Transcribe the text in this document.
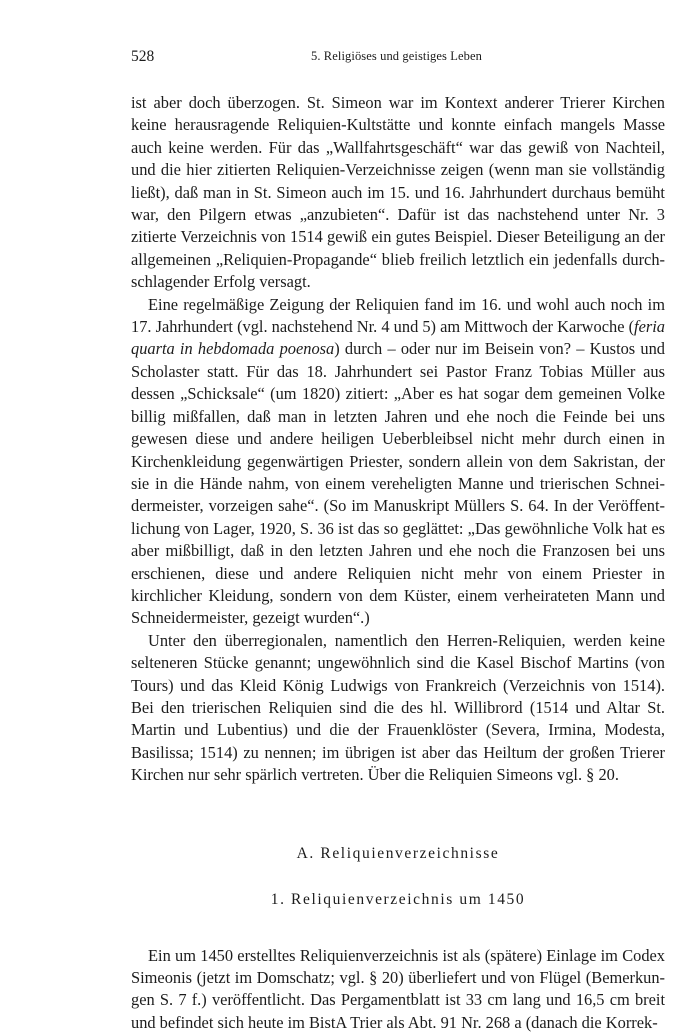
528	5. Religiöses und geistiges Leben

ist aber doch überzogen. St. Simeon war im Kontext anderer Trierer Kirchen keine herausragende Reliquien-Kultstätte und konnte einfach mangels Masse auch keine werden. Für das „Wallfahrtsgeschäft“ war das gewiß von Nachteil, und die hier zitierten Reliquien-Verzeichnisse zeigen (wenn man sie vollständig ließt), daß man in St. Simeon auch im 15. und 16. Jahrhundert durchaus bemüht war, den Pilgern etwas „anzubieten“. Dafür ist das nachstehend unter Nr. 3 zitierte Verzeichnis von 1514 gewiß ein gutes Beispiel. Dieser Beteiligung an der allgemeinen „Reliquien-Propagande“ blieb freilich letztlich ein jedenfalls durchschlagender Erfolg versagt.

Eine regelmäßige Zeigung der Reliquien fand im 16. und wohl auch noch im 17. Jahrhundert (vgl. nachstehend Nr. 4 und 5) am Mittwoch der Karwoche (feria quarta in hebdomada poenosa) durch – oder nur im Beisein von? – Kustos und Scholaster statt. Für das 18. Jahrhundert sei Pastor Franz Tobias Müller aus dessen „Schicksale“ (um 1820) zitiert: „Aber es hat sogar dem gemeinen Volke billig mißfallen, daß man in letzten Jahren und ehe noch die Feinde bei uns gewesen diese und andere heiligen Ueberbleibsel nicht mehr durch einen in Kirchenkleidung gegenwärtigen Priester, sondern allein von dem Sakristan, der sie in die Hände nahm, von einem vereheligten Manne und trierischen Schneidermeister, vorzeigen sahe“. (So im Manuskript Müllers S. 64. In der Veröffentlichung von Lager, 1920, S. 36 ist das so geglättet: „Das gewöhnliche Volk hat es aber mißbilligt, daß in den letzten Jahren und ehe noch die Franzosen bei uns erschienen, diese und andere Reliquien nicht mehr von einem Priester in kirchlicher Kleidung, sondern von dem Küster, einem verheirateten Mann und Schneidermeister, gezeigt wurden“.)

Unter den überregionalen, namentlich den Herren-Reliquien, werden keine selteneren Stücke genannt; ungewöhnlich sind die Kasel Bischof Martins (von Tours) und das Kleid König Ludwigs von Frankreich (Verzeichnis von 1514). Bei den trierischen Reliquien sind die des hl. Willibrord (1514 und Altar St. Martin und Lubentius) und die der Frauenklöster (Severa, Irmina, Modesta, Basilissa; 1514) zu nennen; im übrigen ist aber das Heiltum der großen Trierer Kirchen nur sehr spärlich vertreten. Über die Reliquien Simeons vgl. § 20.

A. Reliquienverzeichnisse

1. Reliquienverzeichnis um 1450

Ein um 1450 erstelltes Reliquienverzeichnis ist als (spätere) Einlage im Codex Simeonis (jetzt im Domschatz; vgl. § 20) überliefert und von Flügel (Bemerkungen S. 7 f.) veröffentlicht. Das Pergamentblatt ist 33 cm lang und 16,5 cm breit und befindet sich heute im BistA Trier als Abt. 91 Nr. 268 a (danach die Korrek-
